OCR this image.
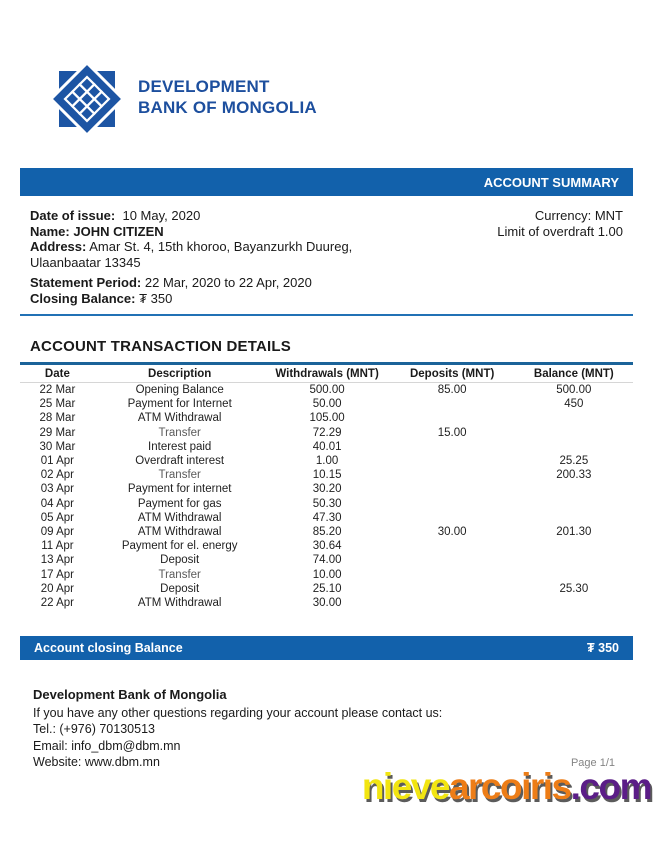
DEVELOPMENT
BANK OF MONGOLIA
ACCOUNT SUMMARY
Date of issue: 10 May, 2020
Name: JOHN CITIZEN
Address: Amar St. 4, 15th khoroo, Bayanzurkh Duureg,
Ulaanbaatar 13345
Statement Period: 22 Mar, 2020 to 22 Apr, 2020
Closing Balance: ₮ 350
Currency: MNT
Limit of overdraft 1.00
ACCOUNT TRANSACTION DETAILS
Date	Description	Withdrawals (MNT)	Deposits (MNT)	Balance (MNT)
22 Mar	Opening Balance	500.00	85.00	500.00
25 Mar	Payment for Internet	50.00		450
28 Mar	ATM Withdrawal	105.00		
29 Mar	Transfer	72.29	15.00	
30 Mar	Interest paid	40.01		
01 Apr	Overdraft interest	1.00		25.25
02 Apr	Transfer	10.15		200.33
03 Apr	Payment for internet	30.20		
04 Apr	Payment for gas	50.30		
05 Apr	ATM Withdrawal	47.30		
09 Apr	ATM Withdrawal	85.20	30.00	201.30
11 Apr	Payment for el. energy	30.64		
13 Apr	Deposit	74.00		
17 Apr	Transfer	10.00		
20 Apr	Deposit	25.10		25.30
22 Apr	ATM Withdrawal	30.00		
Account closing Balance	₮ 350
Development Bank of Mongolia
If you have any other questions regarding your account please contact us:
Tel.: (+976) 70130513
Email: info_dbm@dbm.mn
Website: www.dbm.mn	Page 1/1
nievearcoiris.com
